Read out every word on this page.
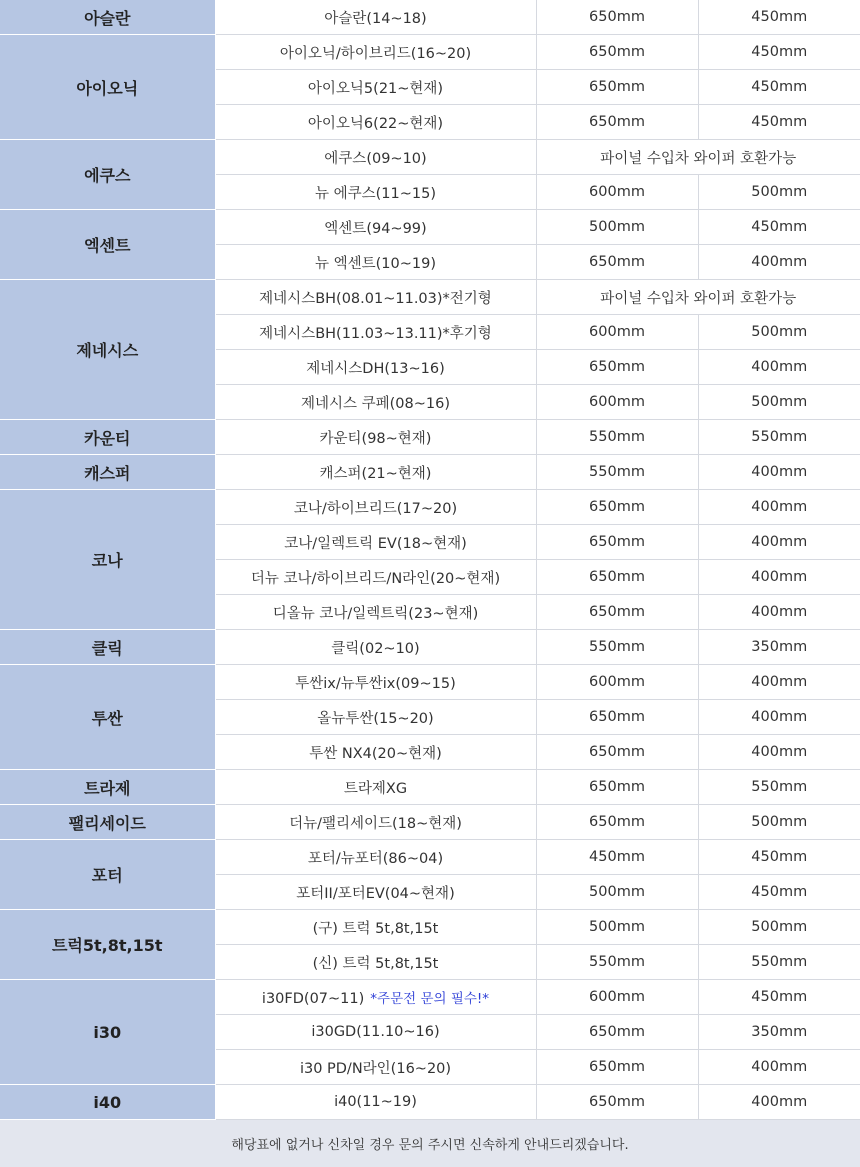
아슬란	아슬란(14~18)	650mm	450mm
아이오닉	아이오닉/하이브리드(16~20)	650mm	450mm
	아이오닉5(21~현재)	650mm	450mm
	아이오닉6(22~현재)	650mm	450mm
에쿠스	에쿠스(09~10)	파이널 수입차 와이퍼 호환가능	
	뉴 에쿠스(11~15)	600mm	500mm
엑센트	엑센트(94~99)	500mm	450mm
	뉴 엑센트(10~19)	650mm	400mm
제네시스	제네시스BH(08.01~11.03)*전기형	파이널 수입차 와이퍼 호환가능	
	제네시스BH(11.03~13.11)*후기형	600mm	500mm
	제네시스DH(13~16)	650mm	400mm
	제네시스 쿠페(08~16)	600mm	500mm
카운티	카운티(98~현재)	550mm	550mm
캐스퍼	캐스퍼(21~현재)	550mm	400mm
코나	코나/하이브리드(17~20)	650mm	400mm
	코나/일렉트릭 EV(18~현재)	650mm	400mm
	더뉴 코나/하이브리드/N라인(20~현재)	650mm	400mm
	디올뉴 코나/일렉트릭(23~현재)	650mm	400mm
클릭	클릭(02~10)	550mm	350mm
투싼	투싼ix/뉴투싼ix(09~15)	600mm	400mm
	올뉴투싼(15~20)	650mm	400mm
	투싼 NX4(20~현재)	650mm	400mm
트라제	트라제XG	650mm	550mm
팰리세이드	더뉴/팰리세이드(18~현재)	650mm	500mm
포터	포터/뉴포터(86~04)	450mm	450mm
	포터II/포터EV(04~현재)	500mm	450mm
트럭5t,8t,15t	(구) 트럭 5t,8t,15t	500mm	500mm
	(신) 트럭 5t,8t,15t	550mm	550mm
i30	i30FD(07~11) *주문전 문의 필수!*	600mm	450mm
	i30GD(11.10~16)	650mm	350mm
	i30 PD/N라인(16~20)	650mm	400mm
i40	i40(11~19)	650mm	400mm
해당표에 없거나 신차일 경우 문의 주시면 신속하게 안내드리겠습니다.
